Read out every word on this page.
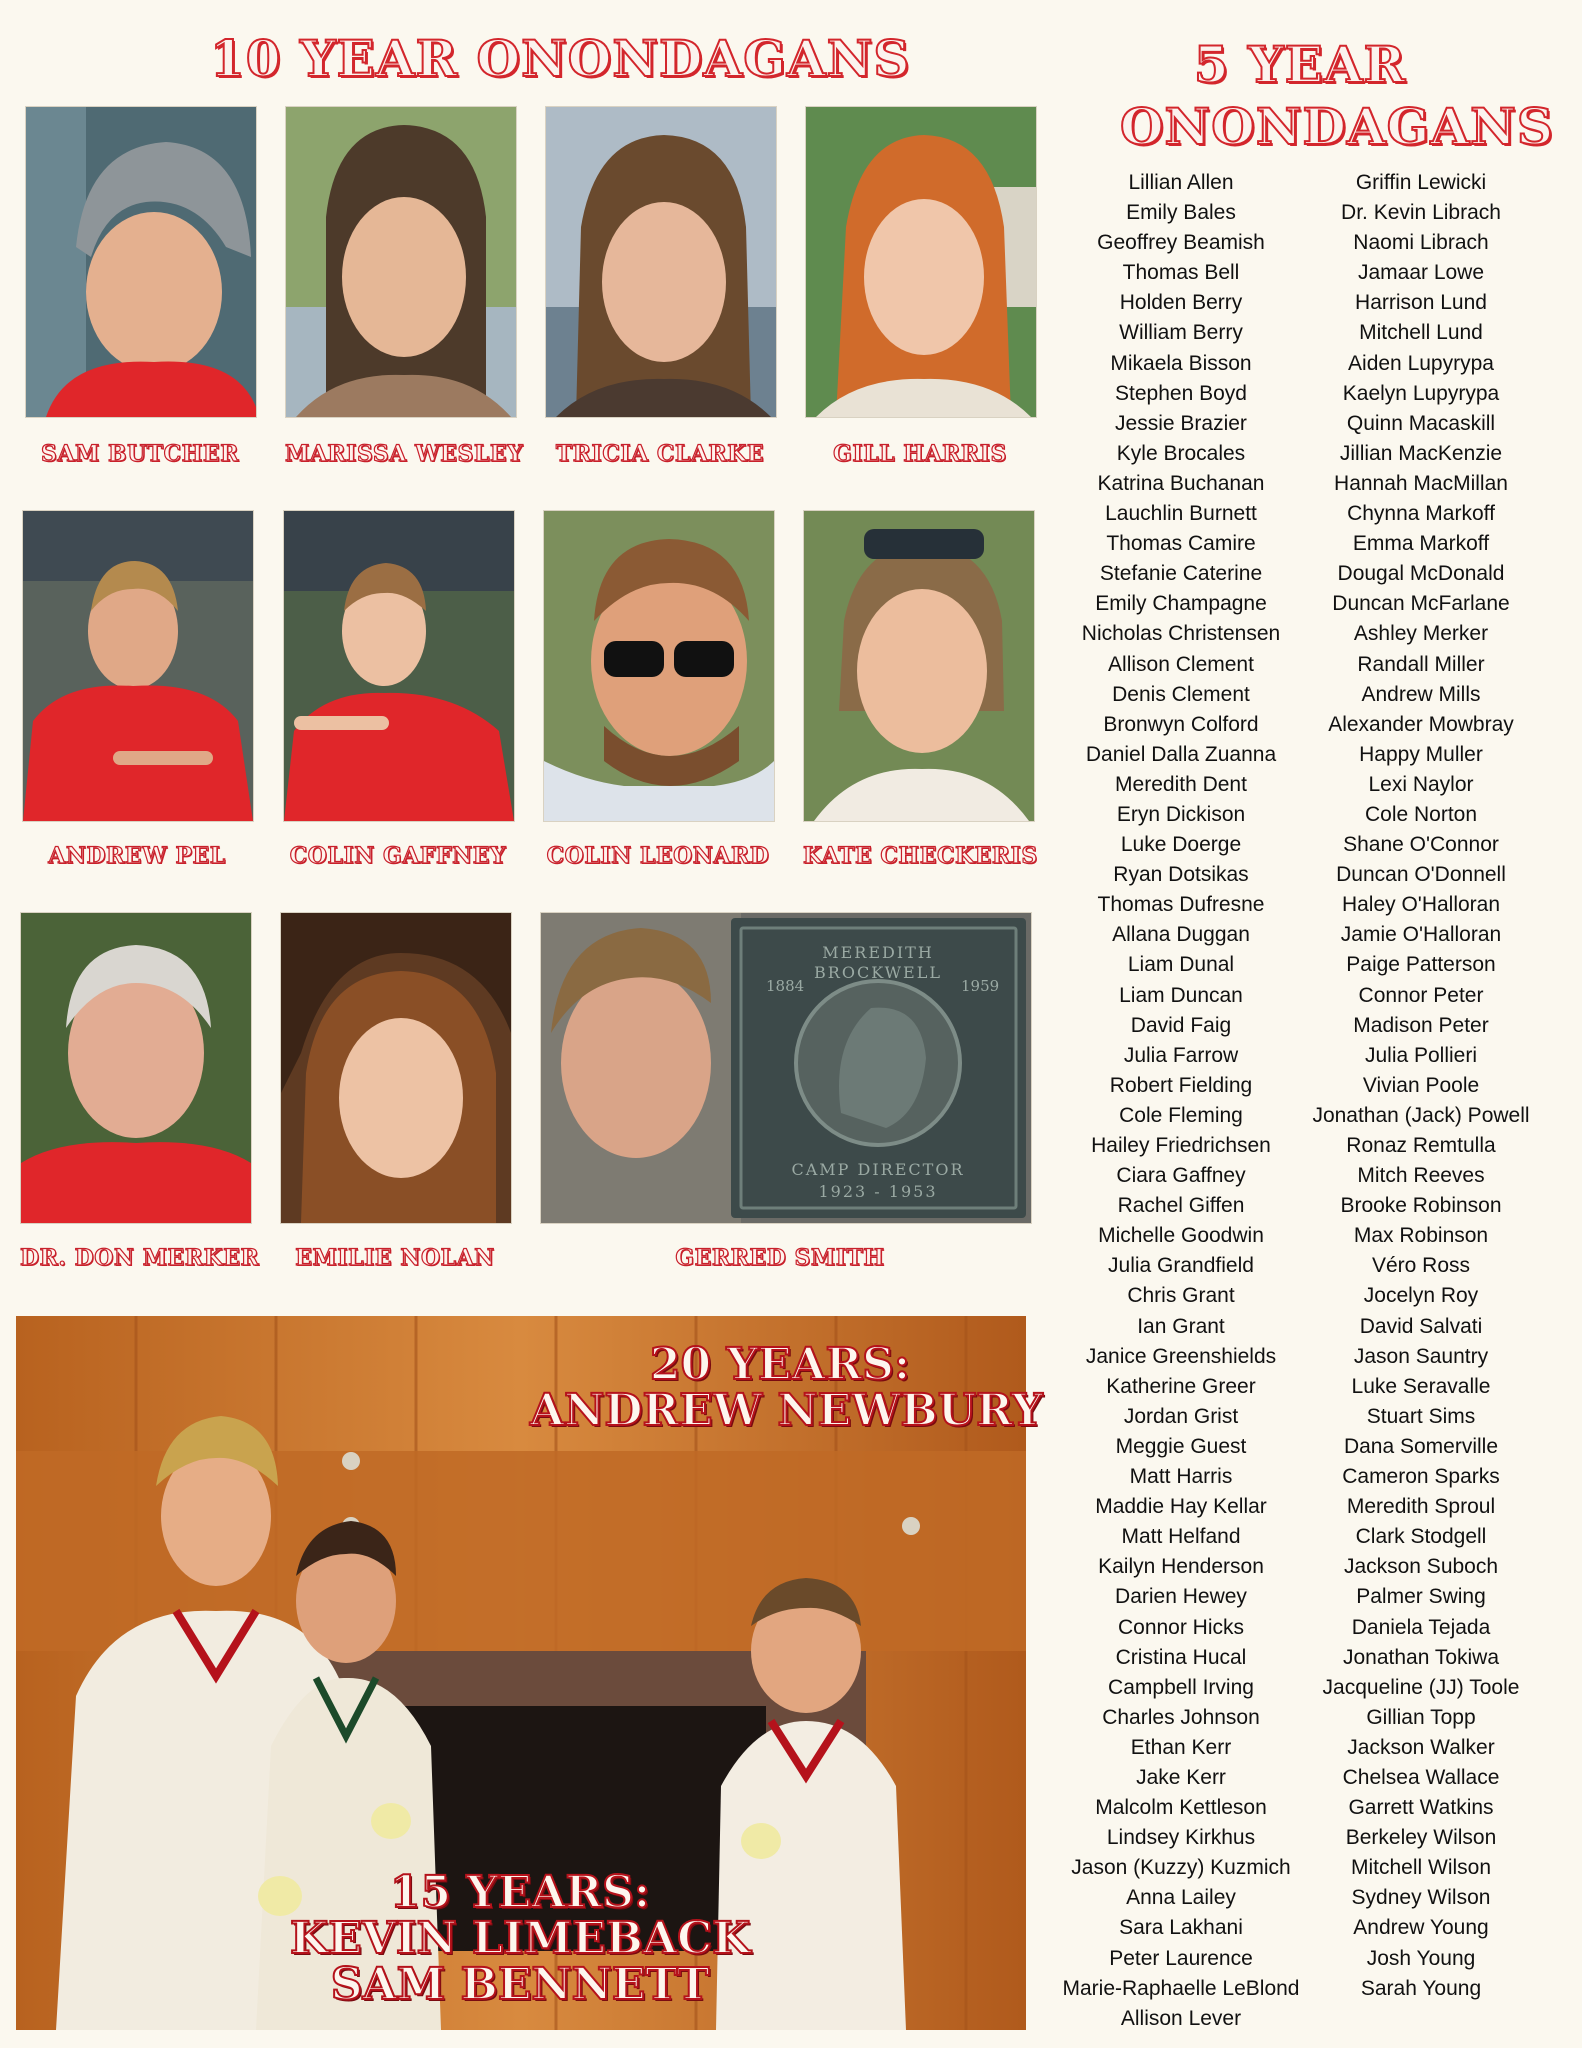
10 YEAR ONONDAGANS	5 YEAR
ONONDAGANS
SAM BUTCHER	MARISSA WESLEY	TRICIA CLARKE	GILL HARRIS
ANDREW PEL	COLIN GAFFNEY	COLIN LEONARD KATE CHECKERIS
DR. DON MERKER	EMILIE NOLAN
MEREDITH
BROCKWELL
1884	1959
CAMP DIRECTOR
1923 - 1953
GERRED SMITH
Lillian Allen
Emily Bales
Geoffrey Beamish
Thomas Bell
Holden Berry
William Berry
Mikaela Bisson
Stephen Boyd
Jessie Brazier
Kyle Brocales
Katrina Buchanan
Lauchlin Burnett
Thomas Camire
Stefanie Caterine
Emily Champagne
Nicholas Christensen
Allison Clement
Denis Clement
Bronwyn Colford
Daniel Dalla Zuanna
Meredith Dent
Eryn Dickison
Luke Doerge
Ryan Dotsikas
Thomas Dufresne
Allana Duggan
Liam Dunal
Liam Duncan
David Faig
Julia Farrow
Robert Fielding
Cole Fleming
Hailey Friedrichsen
Ciara Gaffney
Rachel Giffen
Michelle Goodwin
Julia Grandfield
Chris Grant
Ian Grant
Janice Greenshields
Katherine Greer
Jordan Grist
Meggie Guest
Matt Harris
Maddie Hay Kellar
Matt Helfand
Kailyn Henderson
Darien Hewey
Connor Hicks
Cristina Hucal
Campbell Irving
Charles Johnson
Ethan Kerr
Jake Kerr
Malcolm Kettleson
Lindsey Kirkhus
Jason (Kuzzy) Kuzmich
Anna Lailey
Sara Lakhani
Peter Laurence
Marie-Raphaelle LeBlond
Allison Lever
Griffin Lewicki
Dr. Kevin Librach
Naomi Librach
Jamaar Lowe
Harrison Lund
Mitchell Lund
Aiden Lupyrypa
Kaelyn Lupyrypa
Quinn Macaskill
Jillian MacKenzie
Hannah MacMillan
Chynna Markoff
Emma Markoff
Dougal McDonald
Duncan McFarlane
Ashley Merker
Randall Miller
Andrew Mills
Alexander Mowbray
Happy Muller
Lexi Naylor
Cole Norton
Shane O'Connor
Duncan O'Donnell
Haley O'Halloran
Jamie O'Halloran
Paige Patterson
Connor Peter
Madison Peter
Julia Pollieri
Vivian Poole
Jonathan (Jack) Powell
Ronaz Remtulla
Mitch Reeves
Brooke Robinson
Max Robinson
Véro Ross
Jocelyn Roy
David Salvati
Jason Sauntry
Luke Seravalle
Stuart Sims
Dana Somerville
Cameron Sparks
Meredith Sproul
Clark Stodgell
Jackson Suboch
Palmer Swing
Daniela Tejada
Jonathan Tokiwa
Jacqueline (JJ) Toole
Gillian Topp
Jackson Walker
Chelsea Wallace
Garrett Watkins
Berkeley Wilson
Mitchell Wilson
Sydney Wilson
Andrew Young
Josh Young
Sarah Young
20 YEARS:
ANDREW NEWBURY
15 YEARS:
KEVIN LIMEBACK
SAM BENNETT
